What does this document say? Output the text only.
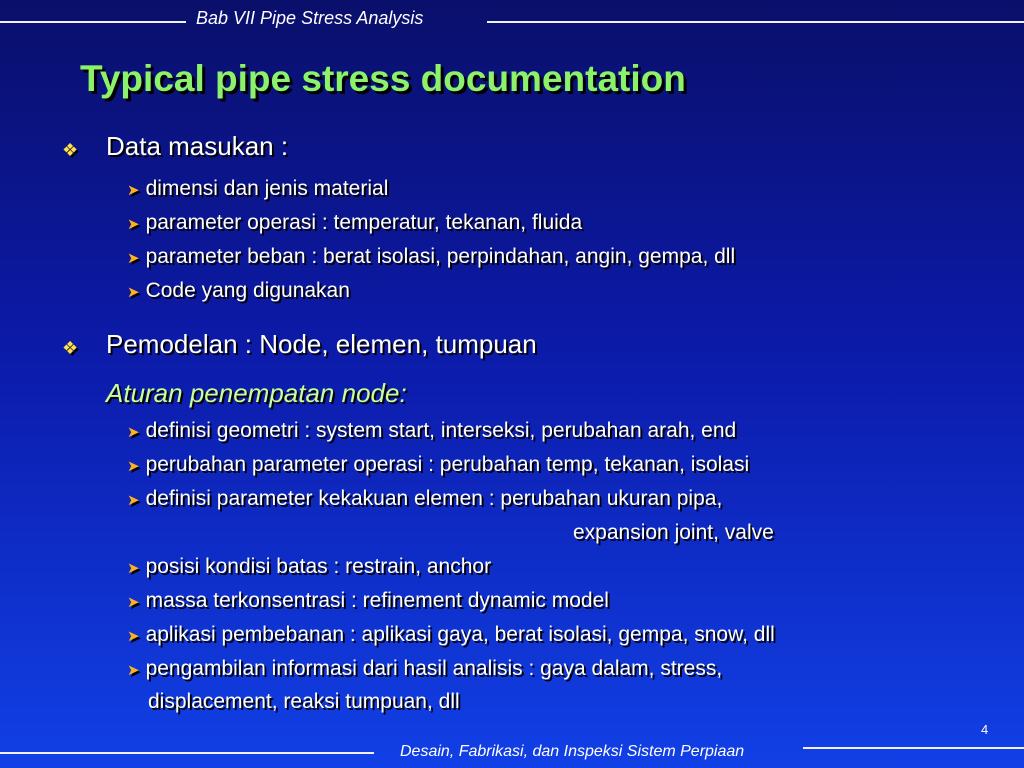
Bab VII Pipe Stress Analysis
Typical pipe stress documentation
❖ Data masukan :
➤ dimensi dan jenis material
➤ parameter operasi : temperatur, tekanan, fluida
➤ parameter beban : berat isolasi, perpindahan, angin, gempa, dll
➤ Code yang digunakan
❖ Pemodelan : Node, elemen, tumpuan
Aturan penempatan node:
➤ definisi geometri : system start, interseksi, perubahan arah, end
➤ perubahan parameter operasi : perubahan temp, tekanan, isolasi
➤ definisi parameter kekakuan elemen : perubahan ukuran pipa,
expansion joint, valve
➤ posisi kondisi batas : restrain, anchor
➤ massa terkonsentrasi : refinement dynamic model
➤ aplikasi pembebanan : aplikasi gaya, berat isolasi, gempa, snow, dll
➤ pengambilan informasi dari hasil analisis : gaya dalam, stress,
displacement, reaksi tumpuan, dll
4
Desain, Fabrikasi, dan Inspeksi Sistem Perpiaan
